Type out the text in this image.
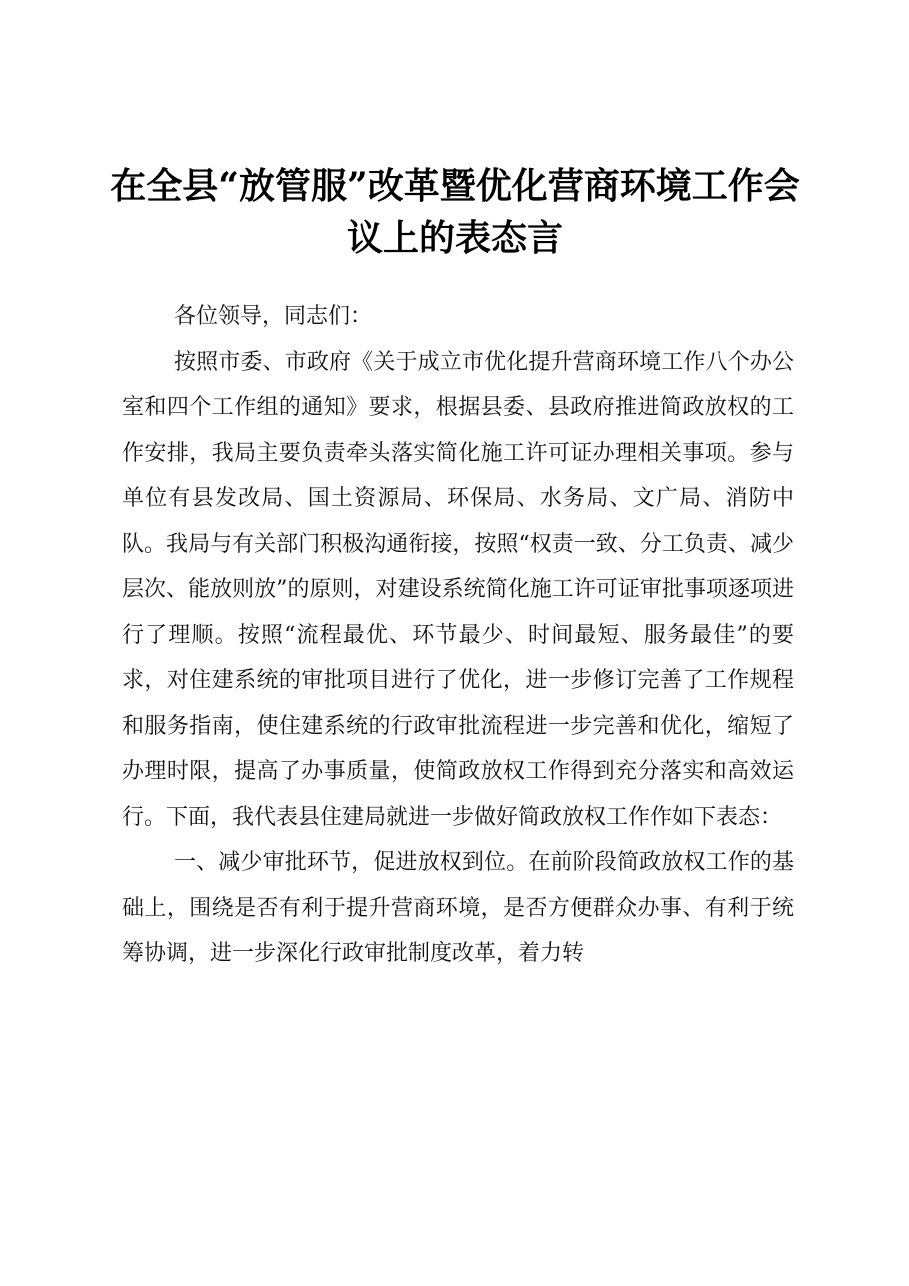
在全县“放管服”改革暨优化营商环境工作会
议上的表态言

各位领导，同志们：

按照市委、市政府《关于成立市优化提升营商环境工作八个办公室和四个工作组的通知》要求，根据县委、县政府推进简政放权的工作安排，我局主要负责牵头落实简化施工许可证办理相关事项。参与单位有县发改局、国土资源局、环保局、水务局、文广局、消防中队。我局与有关部门积极沟通衔接，按照“权责一致、分工负责、减少层次、能放则放”的原则，对建设系统简化施工许可证审批事项逐项进行了理顺。按照“流程最优、环节最少、时间最短、服务最佳”的要求，对住建系统的审批项目进行了优化，进一步修订完善了工作规程和服务指南，使住建系统的行政审批流程进一步完善和优化，缩短了办理时限，提高了办事质量，使简政放权工作得到充分落实和高效运行。下面，我代表县住建局就进一步做好简政放权工作作如下表态：

一、减少审批环节，促进放权到位。在前阶段简政放权工作的基础上，围绕是否有利于提升营商环境，是否方便群众办事、有利于统筹协调，进一步深化行政审批制度改革，着力转
